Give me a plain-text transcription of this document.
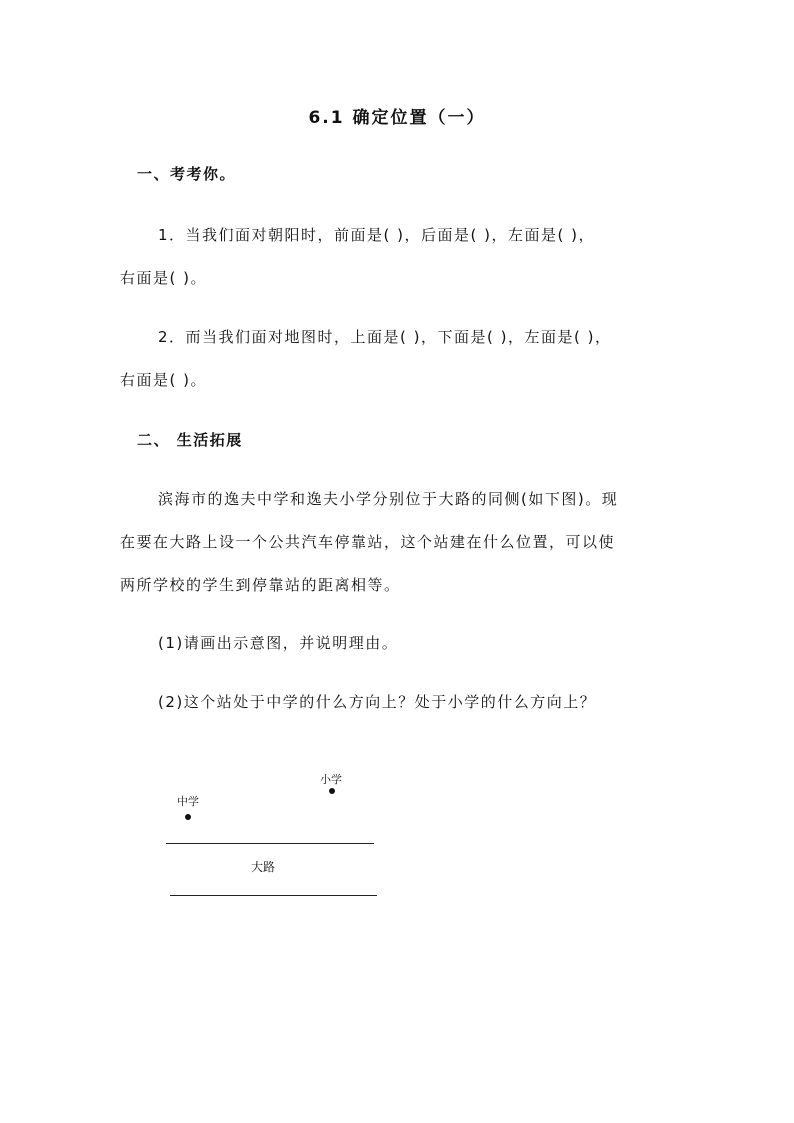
6.1 确定位置（一）
一、考考你。
1．当我们面对朝阳时，前面是( )，后面是( )，左面是( )，
右面是( )。
2．而当我们面对地图时，上面是( )，下面是( )，左面是( )，
右面是( )。
二、 生活拓展
滨海市的逸夫中学和逸夫小学分别位于大路的同侧(如下图)。现
在要在大路上设一个公共汽车停靠站，这个站建在什么位置，可以使
两所学校的学生到停靠站的距离相等。
(1)请画出示意图，并说明理由。
(2)这个站处于中学的什么方向上？处于小学的什么方向上？
小学
中学
大路
